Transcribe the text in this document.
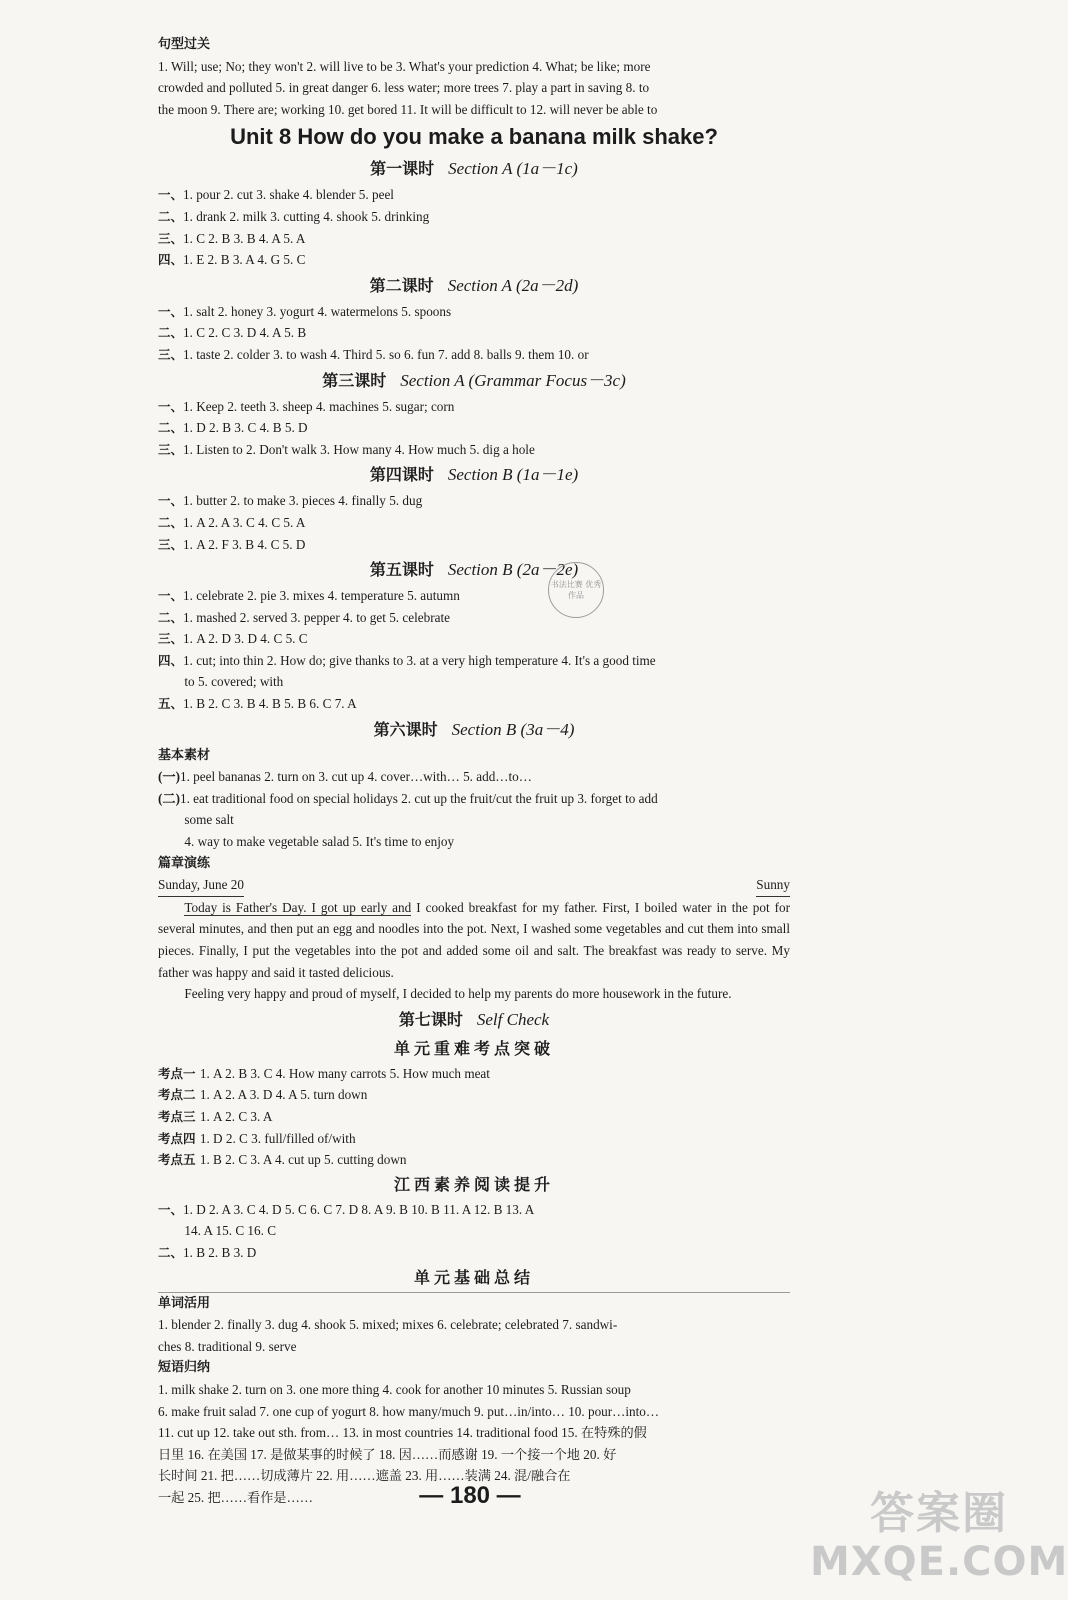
句型过关
1. Will; use; No; they won't 2. will live to be 3. What's your prediction 4. What; be like; more
crowded and polluted 5. in great danger 6. less water; more trees 7. play a part in saving 8. to
the moon 9. There are; working 10. get bored 11. It will be difficult to 12. will never be able to
Unit 8 How do you make a banana milk shake?
第一课时 Section A (1a－1c)
一、1. pour 2. cut 3. shake 4. blender 5. peel
二、1. drank 2. milk 3. cutting 4. shook 5. drinking
三、1. C 2. B 3. B 4. A 5. A
四、1. E 2. B 3. A 4. G 5. C
第二课时 Section A (2a－2d)
一、1. salt 2. honey 3. yogurt 4. watermelons 5. spoons
二、1. C 2. C 3. D 4. A 5. B
三、1. taste 2. colder 3. to wash 4. Third 5. so 6. fun 7. add 8. balls 9. them 10. or
第三课时 Section A (Grammar Focus－3c)
一、1. Keep 2. teeth 3. sheep 4. machines 5. sugar; corn
二、1. D 2. B 3. C 4. B 5. D
三、1. Listen to 2. Don't walk 3. How many 4. How much 5. dig a hole
第四课时 Section B (1a－1e)
一、1. butter 2. to make 3. pieces 4. finally 5. dug
二、1. A 2. A 3. C 4. C 5. A
三、1. A 2. F 3. B 4. C 5. D
第五课时 Section B (2a－2e)
一、1. celebrate 2. pie 3. mixes 4. temperature 5. autumn
二、1. mashed 2. served 3. pepper 4. to get 5. celebrate
三、1. A 2. D 3. D 4. C 5. C
四、1. cut; into thin 2. How do; give thanks to 3. at a very high temperature 4. It's a good time
to 5. covered; with
五、1. B 2. C 3. B 4. B 5. B 6. C 7. A
第六课时 Section B (3a－4)
基本素材
(一)1. peel bananas 2. turn on 3. cut up 4. cover…with… 5. add…to…
(二)1. eat traditional food on special holidays 2. cut up the fruit/cut the fruit up 3. forget to add
some salt
4. way to make vegetable salad 5. It's time to enjoy
篇章演练
Sunday, June 20	Sunny
Today is Father's Day. I got up early and I cooked breakfast for my father. First, I boiled water in the pot for several minutes, and then put an egg and noodles into the pot. Next, I washed some vegetables and cut them into small pieces. Finally, I put the vegetables into the pot and added some oil and salt. The breakfast was ready to serve. My father was happy and said it tasted delicious.
Feeling very happy and proud of myself, I decided to help my parents do more housework in the future.
第七课时 Self Check
单元重难考点突破
考点一 1. A 2. B 3. C 4. How many carrots 5. How much meat
考点二 1. A 2. A 3. D 4. A 5. turn down
考点三 1. A 2. C 3. A
考点四 1. D 2. C 3. full/filled of/with
考点五 1. B 2. C 3. A 4. cut up 5. cutting down
江西素养阅读提升
一、1. D 2. A 3. C 4. D 5. C 6. C 7. D 8. A 9. B 10. B 11. A 12. B 13. A
14. A 15. C 16. C
二、1. B 2. B 3. D
单元基础总结
单词活用
1. blender 2. finally 3. dug 4. shook 5. mixed; mixes 6. celebrate; celebrated 7. sandwi-
ches 8. traditional 9. serve
短语归纳
1. milk shake 2. turn on 3. one more thing 4. cook for another 10 minutes 5. Russian soup
6. make fruit salad 7. one cup of yogurt 8. how many/much 9. put…in/into… 10. pour…into…
11. cut up 12. take out sth. from… 13. in most countries 14. traditional food 15. 在特殊的假
日里 16. 在美国 17. 是做某事的时候了 18. 因……而感谢 19. 一个接一个地 20. 好
长时间 21. 把……切成薄片 22. 用……遮盖 23. 用……装满 24. 混/融合在
一起 25. 把……看作是……
书法比赛 优秀作品
— 180 —	答案圈
MXQE.COM
